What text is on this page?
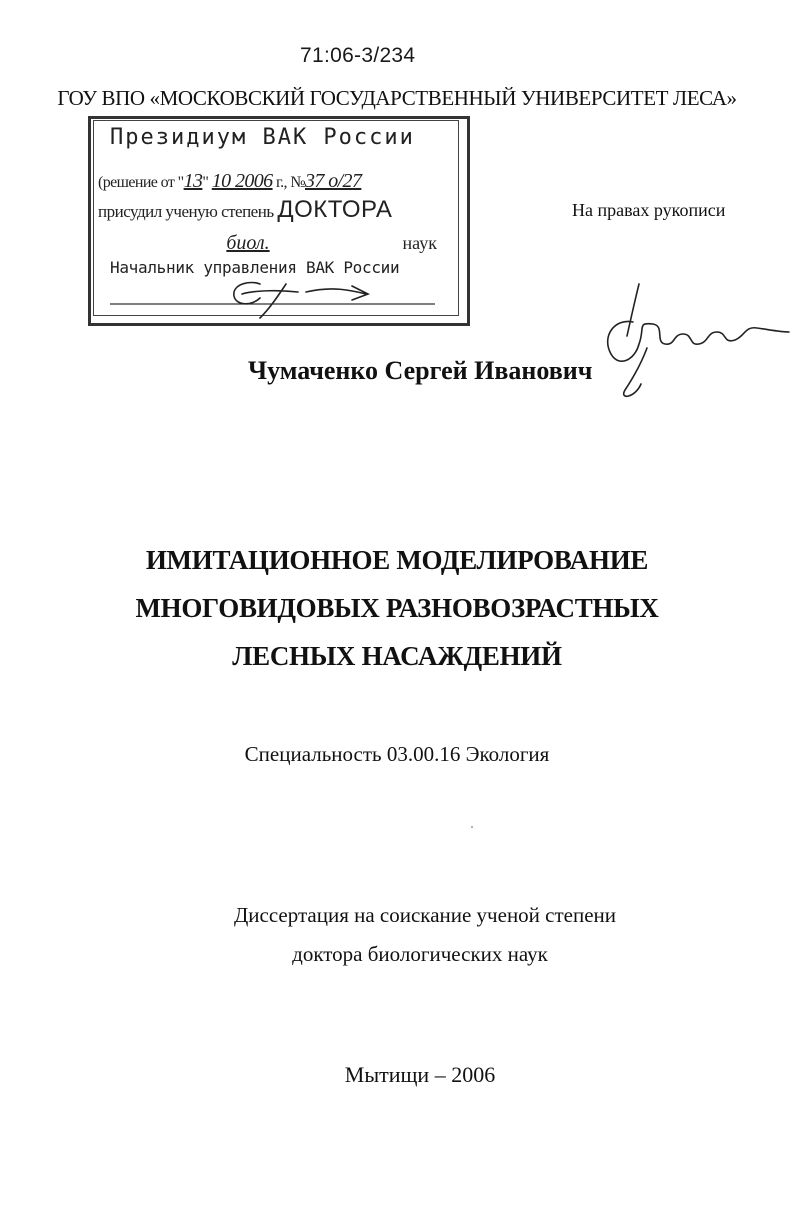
71:06-3/234
ГОУ ВПО «МОСКОВСКИЙ ГОСУДАРСТВЕННЫЙ УНИВЕРСИТЕТ ЛЕСА»
Президиум ВАК России
(решение от "13" 10 2006 г., №37 о/27
присудил ученую степень ДОКТОРА
биол.	наук
Начальник управления ВАК России
На правах рукописи
Чумаченко Сергей Иванович
ИМИТАЦИОННОЕ МОДЕЛИРОВАНИЕ
МНОГОВИДОВЫХ РАЗНОВОЗРАСТНЫХ
ЛЕСНЫХ НАСАЖДЕНИЙ
Специальность 03.00.16 Экология
Диссертация на соискание ученой степени
доктора биологических наук
Мытищи – 2006
